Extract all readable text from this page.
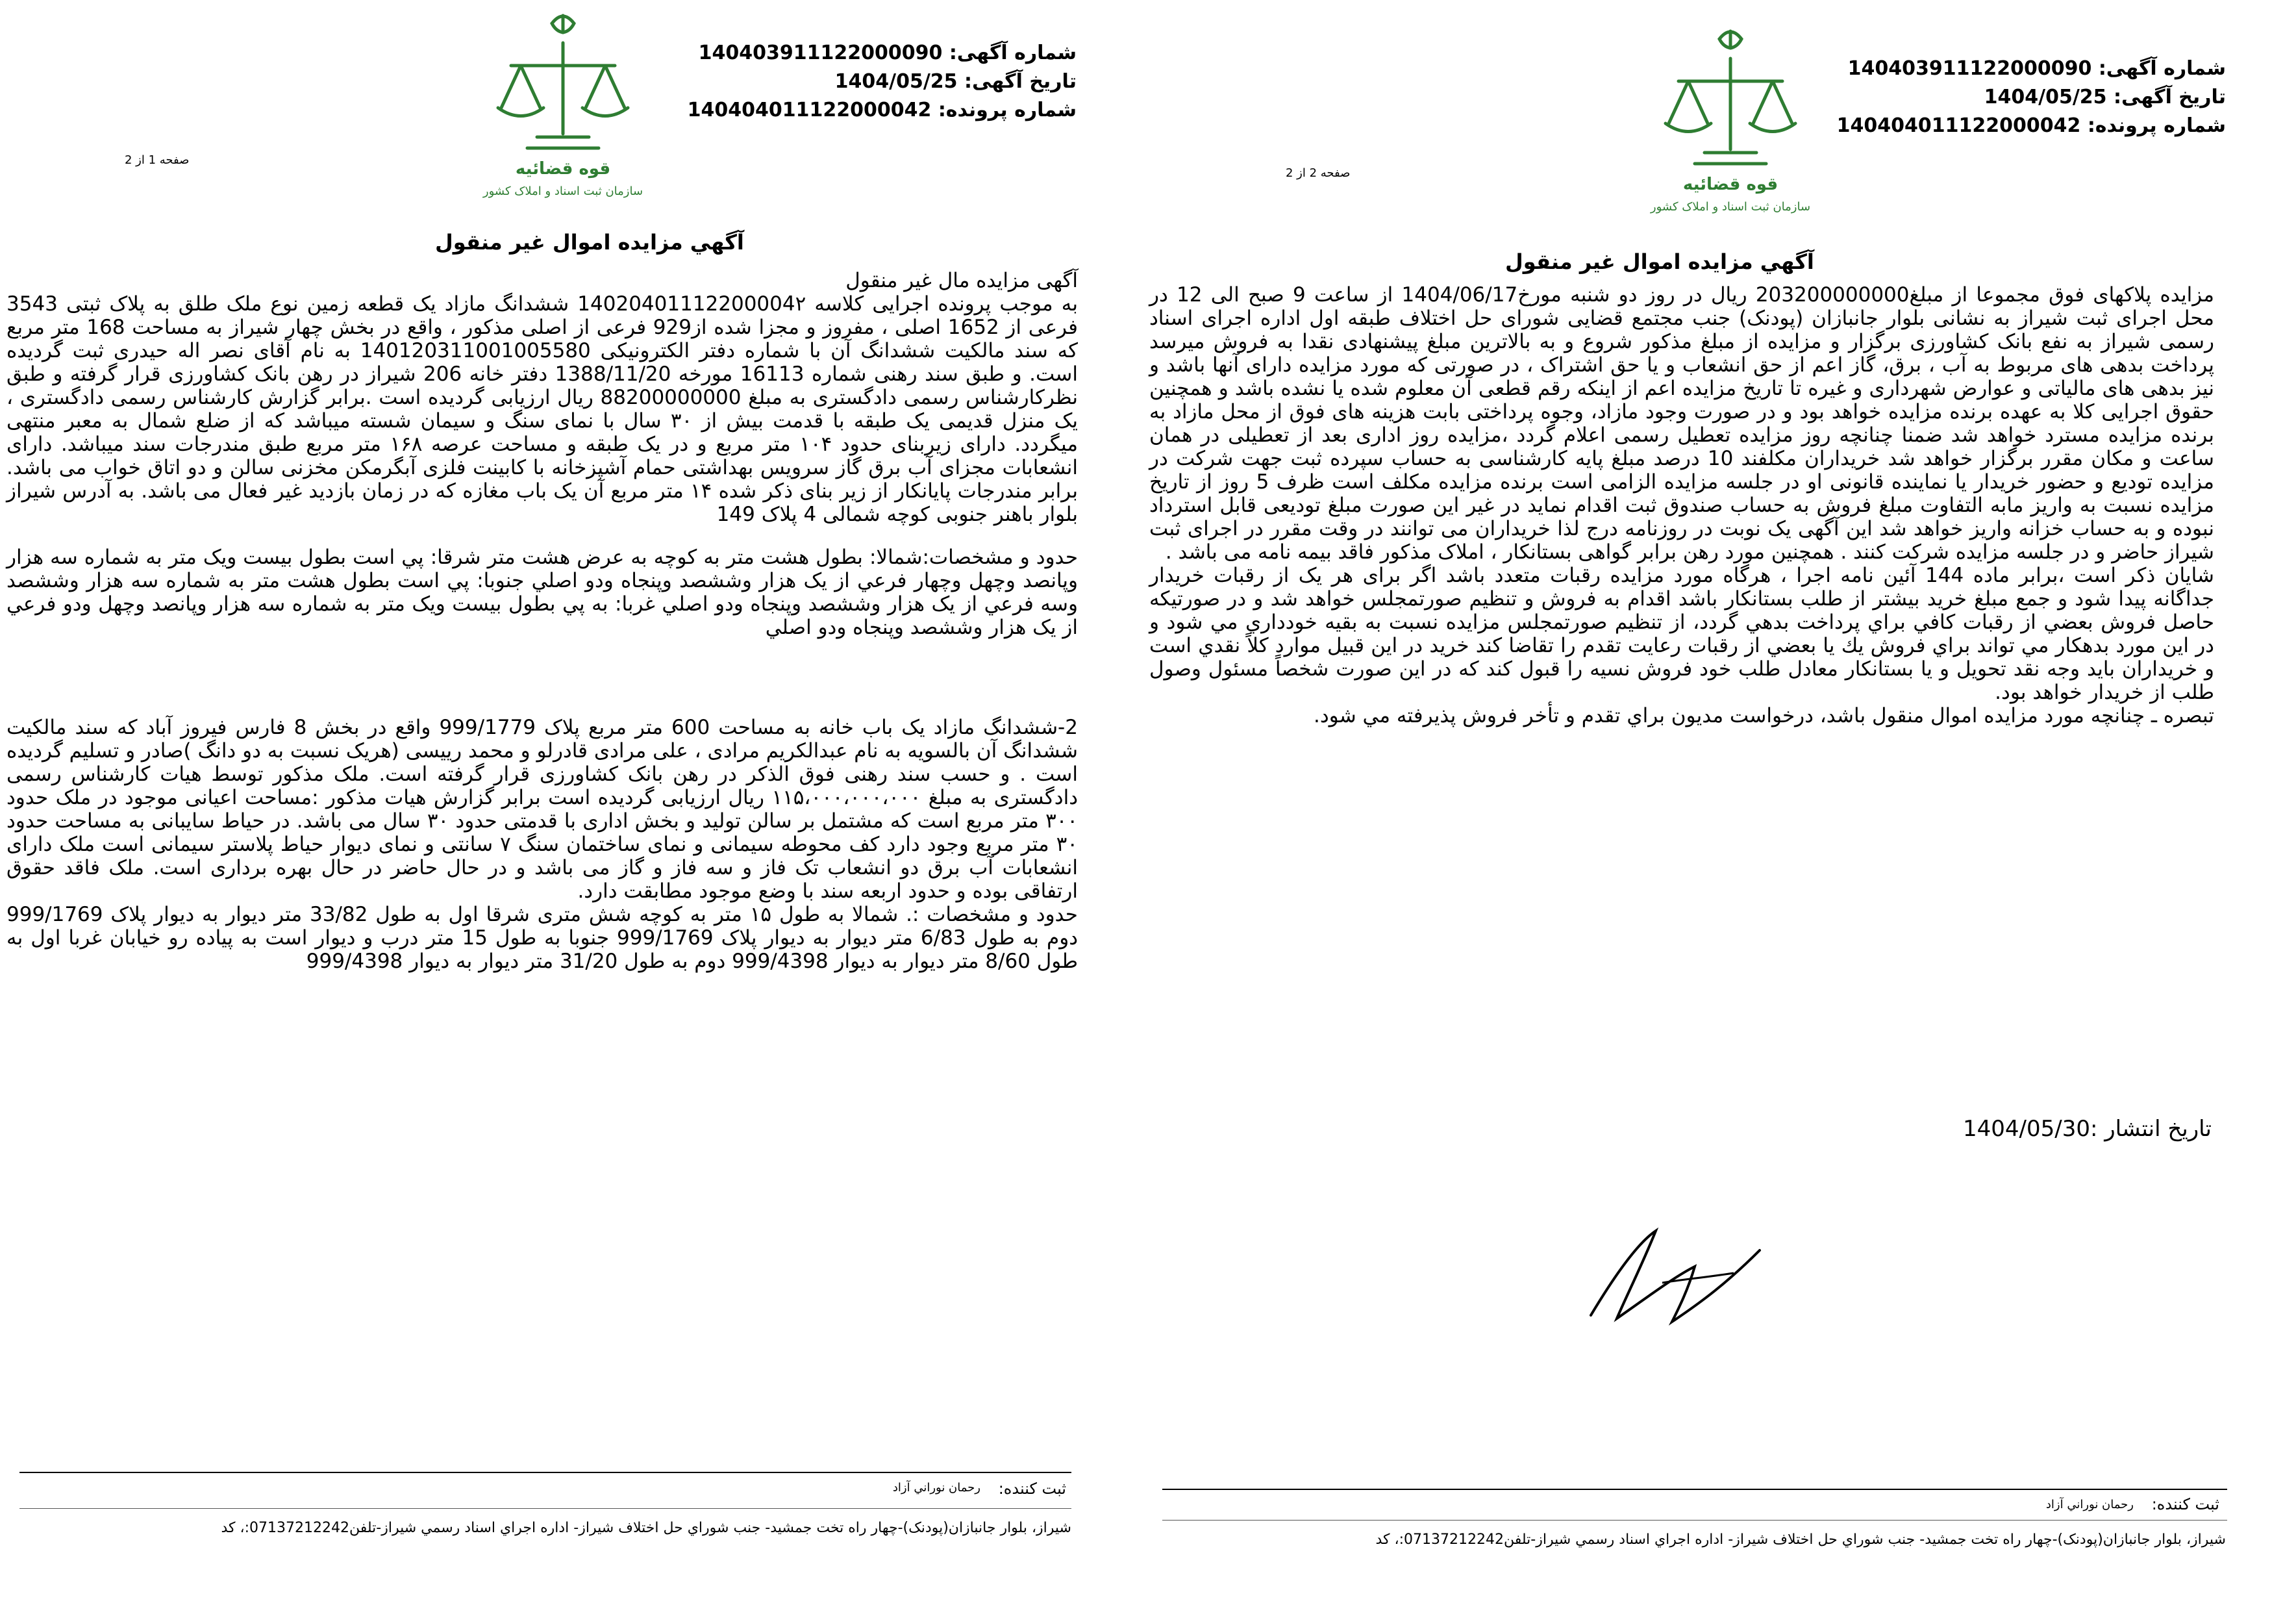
قوه قضائیه
سازمان ثبت اسناد و املاک کشور
شماره آگهی: 140403911122000090
تاریخ آگهی: 1404/05/25
شماره پرونده: 140404011122000042
صفحه 1 از 2
آگهي مزايده اموال غير منقول

آگهی مزایده مال غیر منقول

به موجب پرونده اجرایی کلاسه 14020401112200004۲ ششدانگ مازاد یک قطعه زمین نوع ملک طلق به پلاک ثبتی 3543 فرعی از 1652 اصلی ، مفروز و مجزا شده از929 فرعی از اصلی مذکور ، واقع در بخش چهار شیراز به مساحت 168 متر مربع که سند مالکیت ششدانگ آن با شماره دفتر الکترونیکی 140120311001005580 به نام آقای نصر اله حیدری ثبت گردیده است. و طبق سند رهنی شماره 16113 مورخه 1388/11/20 دفتر خانه 206 شیراز در رهن بانک کشاورزی قرار گرفته و طبق نظرکارشناس رسمی دادگستری به مبلغ 88200000000 ریال ارزیابی گردیده است .برابر گزارش کارشناس رسمی دادگستری ، یک منزل قدیمی یک طبقه با قدمت بیش از ۳۰ سال با نمای سنگ و سیمان شسته میباشد که از ضلع شمال به معبر منتهی میگردد. دارای زیربنای حدود ۱۰۴ متر مربع و در یک طبقه و مساحت عرصه ۱۶۸ متر مربع طبق مندرجات سند میباشد. دارای انشعابات مجزای آب برق گاز سرویس بهداشتی حمام آشپزخانه با کابینت فلزی آبگرمکن مخزنی سالن و دو اتاق خواب می باشد. برابر مندرجات پایانکار از زیر بنای ذکر شده ۱۴ متر مربع آن یک باب مغازه که در زمان بازدید غیر فعال می باشد. به آدرس شیراز بلوار باهنر جنوبی کوچه شمالی 4 پلاک 149

حدود و مشخصات:شمالا: بطول هشت متر به کوچه به عرض هشت متر شرقا: پي است بطول بيست ويک متر به شماره سه هزار وپانصد وچهل وچهار فرعي از يک هزار وششصد وپنجاه ودو اصلي جنوبا: پي است بطول هشت متر به شماره سه هزار وششصد وسه فرعي از يک هزار وششصد وپنجاه ودو اصلي غربا: به پي بطول بيست ويک متر به شماره سه هزار وپانصد وچهل ودو فرعي از يک هزار وششصد وپنجاه ودو اصلي

2-ششدانگ مازاد یک باب خانه به مساحت 600 متر مربع پلاک 999/1779 واقع در بخش 8 فارس فیروز آباد که سند مالکیت ششدانگ آن بالسویه به نام عبدالکریم مرادی ، علی مرادی قادرلو و محمد رییسی (هریک نسبت به دو دانگ )صادر و تسلیم گردیده است . و حسب سند رهنی فوق الذکر در رهن بانک کشاورزی قرار گرفته است. ملک مذکور توسط هیات کارشناس رسمی دادگستری به مبلغ ۱۱۵،۰۰۰،۰۰۰،۰۰۰ ریال ارزیابی گردیده است برابر گزارش هیات مذکور :مساحت اعیانی موجود در ملک حدود ۳۰۰ متر مربع است که مشتمل بر سالن تولید و بخش اداری با قدمتی حدود ۳۰ سال می باشد. در حیاط سایبانی به مساحت حدود ۳۰ متر مربع وجود دارد کف محوطه سیمانی و نمای ساختمان سنگ ۷ سانتی و نمای دیوار حیاط پلاستر سیمانی است ملک دارای انشعابات آب برق دو انشعاب تک فاز و سه فاز و گاز می باشد و در حال حاضر در حال بهره برداری است. ملک فاقد حقوق ارتفاقی بوده و حدود اربعه سند با وضع موجود مطابقت دارد.

حدود و مشخصات :. شمالا به طول ۱۵ متر به کوچه شش متری شرقا اول به طول 33/82 متر دیوار به دیوار پلاک 999/1769 دوم به طول 6/83 متر دیوار به دیوار پلاک 999/1769 جنوبا به طول 15 متر درب و دیوار است به پیاده رو خیابان غربا اول به طول 8/60 متر دیوار به دیوار 999/4398 دوم به طول 31/20 متر دیوار به دیوار 999/4398

ثبت کننده:
رحمان نوراني آزاد
شیراز، بلوار جانبازان(پودنک)-چهار راه تخت جمشید- جنب شوراي حل اختلاف شیراز- اداره اجراي اسناد رسمي شیراز-تلفن07137212242:، كد
قوه قضائیه
سازمان ثبت اسناد و املاک کشور
شماره آگهی: 140403911122000090
تاریخ آگهی: 1404/05/25
شماره پرونده: 140404011122000042
صفحه 2 از 2
آگهي مزايده اموال غير منقول

مزایده پلاکهای فوق مجموعا از مبلغ203200000000 ریال در روز دو شنبه مورخ1404/06/17 از ساعت 9 صبح الی 12 در محل اجرای ثبت شیراز به نشانی بلوار جانبازان (پودنک) جنب مجتمع قضایی شورای حل اختلاف طبقه اول اداره اجرای اسناد رسمی شیراز به نفع بانک کشاورزی برگزار و مزایده از مبلغ مذکور شروع و به بالاترین مبلغ پیشنهادی نقدا به فروش میرسد پرداخت بدهی های مربوط به آب ، برق، گاز اعم از حق انشعاب و یا حق اشتراک ، در صورتی که مورد مزایده دارای آنها باشد و نیز بدهی های مالیاتی و عوارض شهرداری و غیره تا تاریخ مزایده اعم از اینکه رقم قطعی آن معلوم شده یا نشده باشد و همچنین حقوق اجرایی کلا به عهده برنده مزایده خواهد بود و در صورت وجود مازاد، وجوه پرداختی بابت هزینه های فوق از محل مازاد به برنده مزایده مسترد خواهد شد ضمنا چنانچه روز مزایده تعطیل رسمی اعلام گردد ،مزایده روز اداری بعد از تعطیلی در همان ساعت و مکان مقرر برگزار خواهد شد خریداران مکلفند 10 درصد مبلغ پایه کارشناسی به حساب سپرده ثبت جهت شرکت در مزایده تودیع و حضور خریدار یا نماینده قانونی او در جلسه مزایده الزامی است برنده مزایده مکلف است ظرف 5 روز از تاریخ مزایده نسبت به واریز مابه التفاوت مبلغ فروش به حساب صندوق ثبت اقدام نماید در غیر این صورت مبلغ تودیعی قابل استرداد نبوده و به حساب خزانه واریز خواهد شد این آگهی یک نوبت در روزنامه درج لذا خریداران می توانند در وقت مقرر در اجرای ثبت شیراز حاضر و در جلسه مزایده شرکت کنند . همچنین مورد رهن برابر گواهی بستانکار ، املاک مذکور فاقد بیمه نامه می باشد .

شایان ذکر است ،برابر ماده 144 آئین نامه اجرا ، هرگاه مورد مزایده رقبات متعدد باشد اگر برای هر یک از رقبات خریدار جداگانه پیدا شود و جمع مبلغ خرید بیشتر از طلب بستانکار باشد اقدام به فروش و تنظیم صورتمجلس خواهد شد و در صورتیکه حاصل فروش بعضي از رقبات كافي براي پرداخت بدهي گردد، از تنظیم صورتمجلس مزایده نسبت به بقیه خودداري مي شود و در این مورد بدهكار مي تواند براي فروش یك یا بعضي از رقبات رعایت تقدم را تقاضا كند خرید در این قبیل موارد كلاً نقدي است و خریداران باید وجه نقد تحویل و یا بستانكار معادل طلب خود فروش نسیه را قبول كند كه در این صورت شخصاً مسئول وصول طلب از خریدار خواهد بود.

تبصره ـ چنانچه مورد مزایده اموال منقول باشد، درخواست مدیون براي تقدم و تأخر فروش پذیرفته مي شود.

تاریخ انتشار :1404/05/30
ثبت کننده:
رحمان نوراني آزاد
شیراز، بلوار جانبازان(پودنک)-چهار راه تخت جمشید- جنب شوراي حل اختلاف شیراز- اداره اجراي اسناد رسمي شیراز-تلفن07137212242:، كد
